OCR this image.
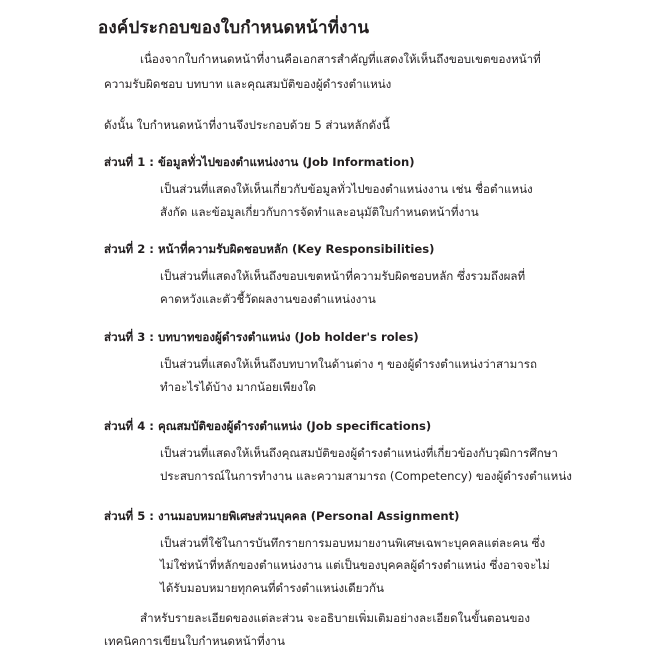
องค์ประกอบของใบกำหนดหน้าที่งาน
เนื่องจากใบกำหนดหน้าที่งานคือเอกสารสำคัญที่แสดงให้เห็นถึงขอบเขตของหน้าที่
ความรับผิดชอบ บทบาท และคุณสมบัติของผู้ดำรงตำแหน่ง
ดังนั้น ใบกำหนดหน้าที่งานจึงประกอบด้วย 5 ส่วนหลักดังนี้
ส่วนที่ 1 : ข้อมูลทั่วไปของตำแหน่งงาน (Job Information)
เป็นส่วนที่แสดงให้เห็นเกี่ยวกับข้อมูลทั่วไปของตำแหน่งงาน เช่น ชื่อตำแหน่ง
สังกัด และข้อมูลเกี่ยวกับการจัดทำและอนุมัติใบกำหนดหน้าที่งาน
ส่วนที่ 2 : หน้าที่ความรับผิดชอบหลัก (Key Responsibilities)
เป็นส่วนที่แสดงให้เห็นถึงขอบเขตหน้าที่ความรับผิดชอบหลัก ซึ่งรวมถึงผลที่
คาดหวังและตัวชี้วัดผลงานของตำแหน่งงาน
ส่วนที่ 3 : บทบาทของผู้ดำรงตำแหน่ง (Job holder's roles)
เป็นส่วนที่แสดงให้เห็นถึงบทบาทในด้านต่าง ๆ ของผู้ดำรงตำแหน่งว่าสามารถ
ทำอะไรได้บ้าง มากน้อยเพียงใด
ส่วนที่ 4 : คุณสมบัติของผู้ดำรงตำแหน่ง (Job specifications)
เป็นส่วนที่แสดงให้เห็นถึงคุณสมบัติของผู้ดำรงตำแหน่งที่เกี่ยวข้องกับวุฒิการศึกษา
ประสบการณ์ในการทำงาน และความสามารถ (Competency) ของผู้ดำรงตำแหน่ง
ส่วนที่ 5 : งานมอบหมายพิเศษส่วนบุคคล (Personal Assignment)
เป็นส่วนที่ใช้ในการบันทึกรายการมอบหมายงานพิเศษเฉพาะบุคคลแต่ละคน ซึ่ง
ไม่ใช่หน้าที่หลักของตำแหน่งงาน แต่เป็นของบุคคลผู้ดำรงตำแหน่ง ซึ่งอาจจะไม่
ได้รับมอบหมายทุกคนที่ดำรงตำแหน่งเดียวกัน
สำหรับรายละเอียดของแต่ละส่วน จะอธิบายเพิ่มเติมอย่างละเอียดในขั้นตอนของ
เทคนิคการเขียนใบกำหนดหน้าที่งาน
